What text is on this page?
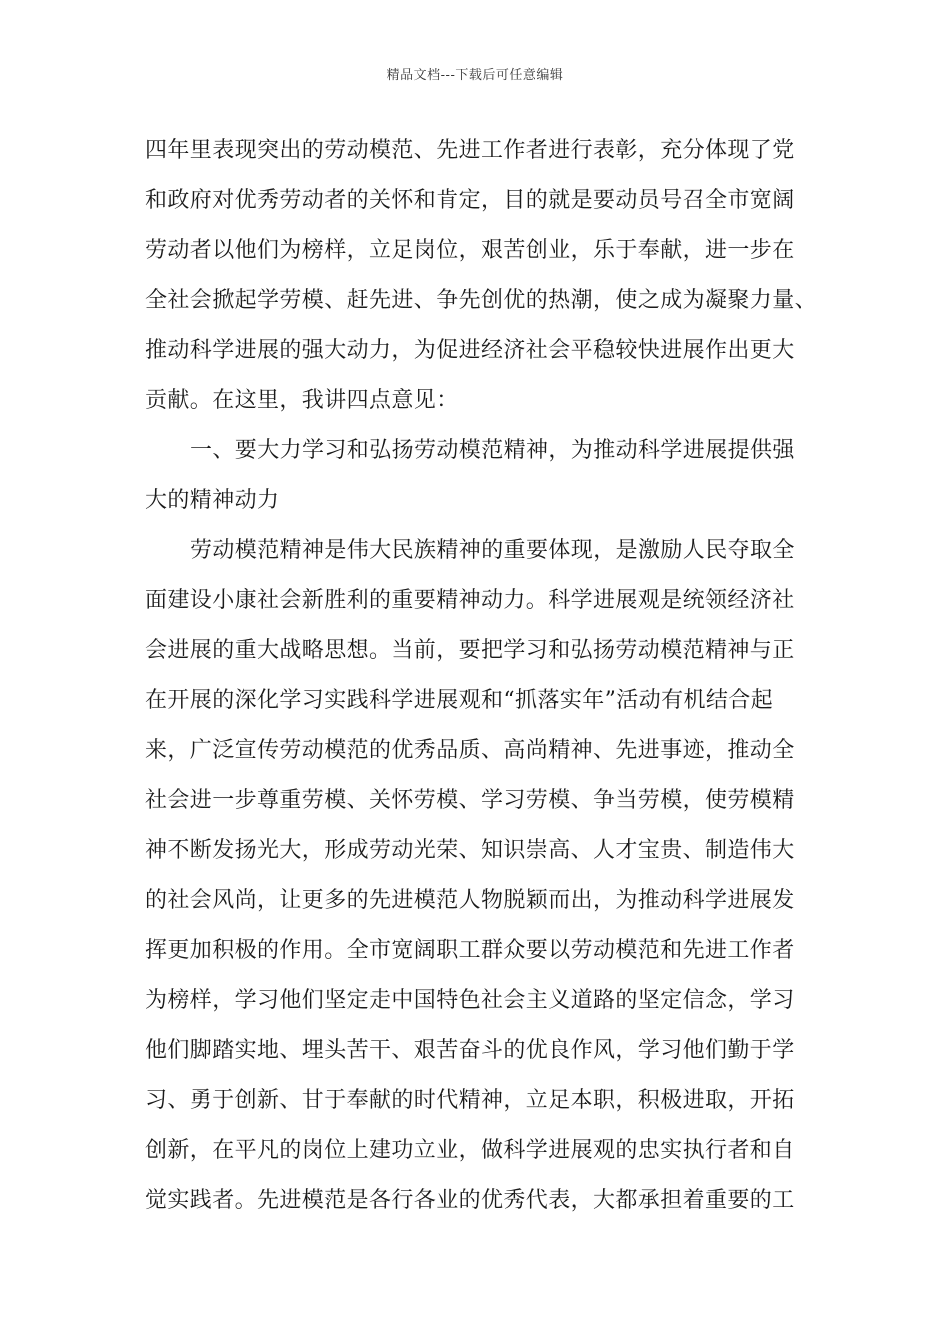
精品文档---下载后可任意编辑
四年里表现突出的劳动模范、先进工作者进行表彰，充分体现了党
和政府对优秀劳动者的关怀和肯定，目的就是要动员号召全市宽阔
劳动者以他们为榜样，立足岗位，艰苦创业，乐于奉献，进一步在
全社会掀起学劳模、赶先进、争先创优的热潮，使之成为凝聚力量、
推动科学进展的强大动力，为促进经济社会平稳较快进展作出更大
贡献。在这里，我讲四点意见：
一、要大力学习和弘扬劳动模范精神，为推动科学进展提供强
大的精神动力
劳动模范精神是伟大民族精神的重要体现，是激励人民夺取全
面建设小康社会新胜利的重要精神动力。科学进展观是统领经济社
会进展的重大战略思想。当前，要把学习和弘扬劳动模范精神与正
在开展的深化学习实践科学进展观和“抓落实年”活动有机结合起
来，广泛宣传劳动模范的优秀品质、高尚精神、先进事迹，推动全
社会进一步尊重劳模、关怀劳模、学习劳模、争当劳模，使劳模精
神不断发扬光大，形成劳动光荣、知识崇高、人才宝贵、制造伟大
的社会风尚，让更多的先进模范人物脱颖而出，为推动科学进展发
挥更加积极的作用。全市宽阔职工群众要以劳动模范和先进工作者
为榜样，学习他们坚定走中国特色社会主义道路的坚定信念，学习
他们脚踏实地、埋头苦干、艰苦奋斗的优良作风，学习他们勤于学
习、勇于创新、甘于奉献的时代精神，立足本职，积极进取，开拓
创新，在平凡的岗位上建功立业，做科学进展观的忠实执行者和自
觉实践者。先进模范是各行各业的优秀代表，大都承担着重要的工
